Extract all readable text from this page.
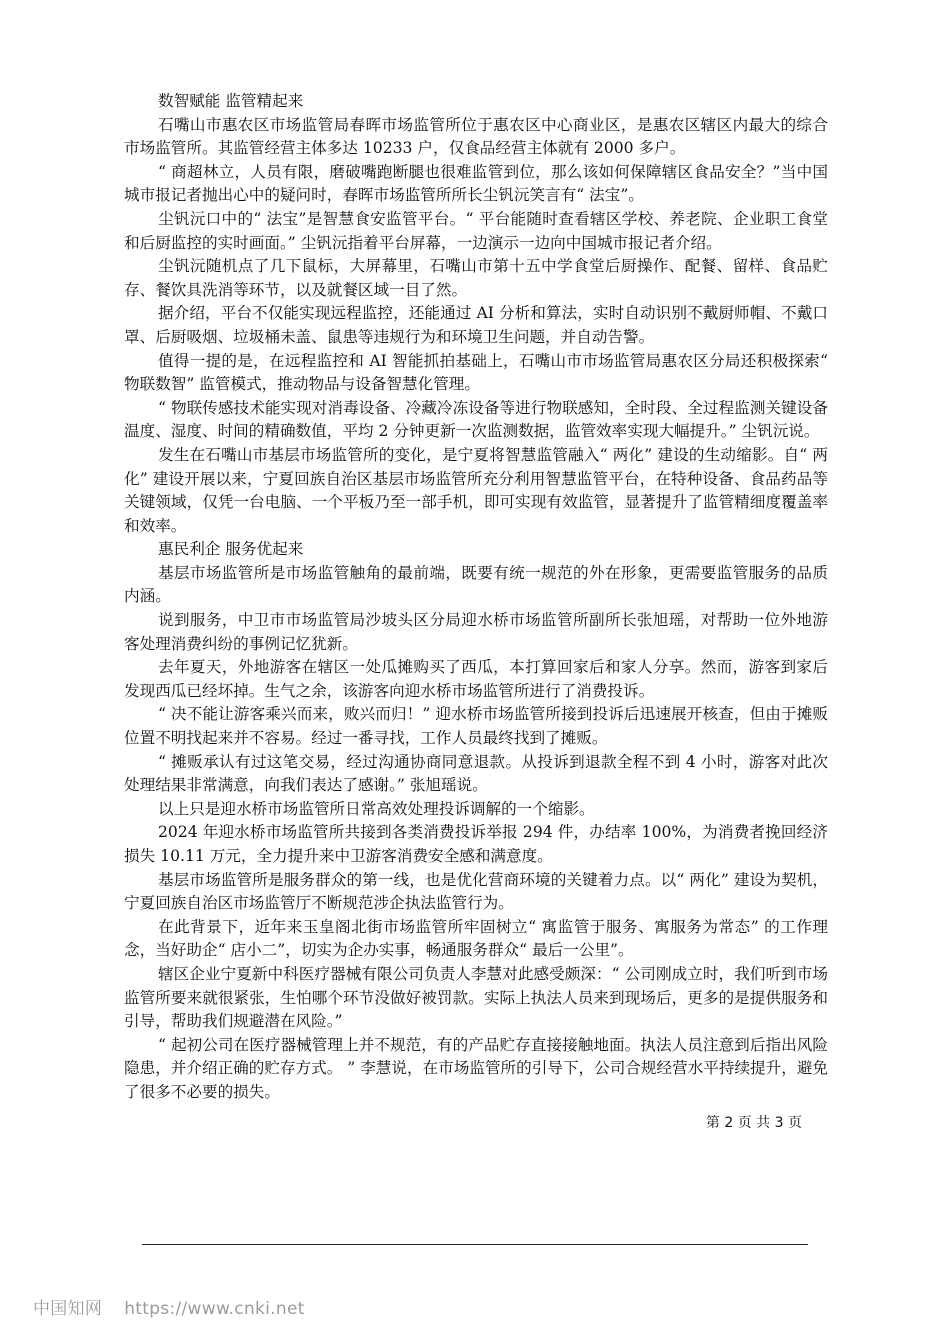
数智赋能 监管精起来

石嘴山市惠农区市场监管局春晖市场监管所位于惠农区中心商业区，是惠农区辖区内最大的综合市场监管所。其监管经营主体多达 10233 户，仅食品经营主体就有 2000 多户。

“ 商超林立，人员有限，磨破嘴跑断腿也很难监管到位，那么该如何保障辖区食品安全？”当中国城市报记者抛出心中的疑问时，春晖市场监管所所长尘钒沅笑言有“ 法宝”。

尘钒沅口中的“ 法宝”是智慧食安监管平台。“ 平台能随时查看辖区学校、养老院、企业职工食堂和后厨监控的实时画面。” 尘钒沅指着平台屏幕，一边演示一边向中国城市报记者介绍。

尘钒沅随机点了几下鼠标，大屏幕里，石嘴山市第十五中学食堂后厨操作、配餐、留样、食品贮存、餐饮具洗消等环节，以及就餐区域一目了然。

据介绍，平台不仅能实现远程监控，还能通过 AI 分析和算法，实时自动识别不戴厨师帽、不戴口罩、后厨吸烟、垃圾桶未盖、鼠患等违规行为和环境卫生问题，并自动告警。

值得一提的是，在远程监控和 AI 智能抓拍基础上，石嘴山市市场监管局惠农区分局还积极探索“ 物联数智” 监管模式，推动物品与设备智慧化管理。

“ 物联传感技术能实现对消毒设备、冷藏冷冻设备等进行物联感知，全时段、全过程监测关键设备温度、湿度、时间的精确数值，平均 2 分钟更新一次监测数据，监管效率实现大幅提升。” 尘钒沅说。

发生在石嘴山市基层市场监管所的变化，是宁夏将智慧监管融入“ 两化” 建设的生动缩影。自“ 两化” 建设开展以来，宁夏回族自治区基层市场监管所充分利用智慧监管平台，在特种设备、食品药品等关键领域，仅凭一台电脑、一个平板乃至一部手机，即可实现有效监管，显著提升了监管精细度覆盖率和效率。

惠民利企 服务优起来

基层市场监管所是市场监管触角的最前端，既要有统一规范的外在形象，更需要监管服务的品质内涵。

说到服务，中卫市市场监管局沙坡头区分局迎水桥市场监管所副所长张旭瑶，对帮助一位外地游客处理消费纠纷的事例记忆犹新。

去年夏天，外地游客在辖区一处瓜摊购买了西瓜，本打算回家后和家人分享。然而，游客到家后发现西瓜已经坏掉。生气之余，该游客向迎水桥市场监管所进行了消费投诉。

“ 决不能让游客乘兴而来，败兴而归！” 迎水桥市场监管所接到投诉后迅速展开核查，但由于摊贩位置不明找起来并不容易。经过一番寻找，工作人员最终找到了摊贩。

“ 摊贩承认有过这笔交易，经过沟通协商同意退款。从投诉到退款全程不到 4 小时，游客对此次处理结果非常满意，向我们表达了感谢。” 张旭瑶说。

以上只是迎水桥市场监管所日常高效处理投诉调解的一个缩影。

2024 年迎水桥市场监管所共接到各类消费投诉举报 294 件，办结率 100%，为消费者挽回经济损失 10.11 万元，全力提升来中卫游客消费安全感和满意度。

基层市场监管所是服务群众的第一线，也是优化营商环境的关键着力点。以“ 两化” 建设为契机，宁夏回族自治区市场监管厅不断规范涉企执法监管行为。

在此背景下，近年来玉皇阁北街市场监管所牢固树立“ 寓监管于服务、寓服务为常态” 的工作理念，当好助企“ 店小二”，切实为企办实事，畅通服务群众“ 最后一公里”。

辖区企业宁夏新中科医疗器械有限公司负责人李慧对此感受颇深：“ 公司刚成立时，我们听到市场监管所要来就很紧张，生怕哪个环节没做好被罚款。实际上执法人员来到现场后，更多的是提供服务和引导，帮助我们规避潜在风险。”

“ 起初公司在医疗器械管理上并不规范，有的产品贮存直接接触地面。执法人员注意到后指出风险隐患，并介绍正确的贮存方式。 ” 李慧说，在市场监管所的引导下，公司合规经营水平持续提升，避免了很多不必要的损失。

第 2 页 共 3 页
中国知网 https://www.cnki.net
